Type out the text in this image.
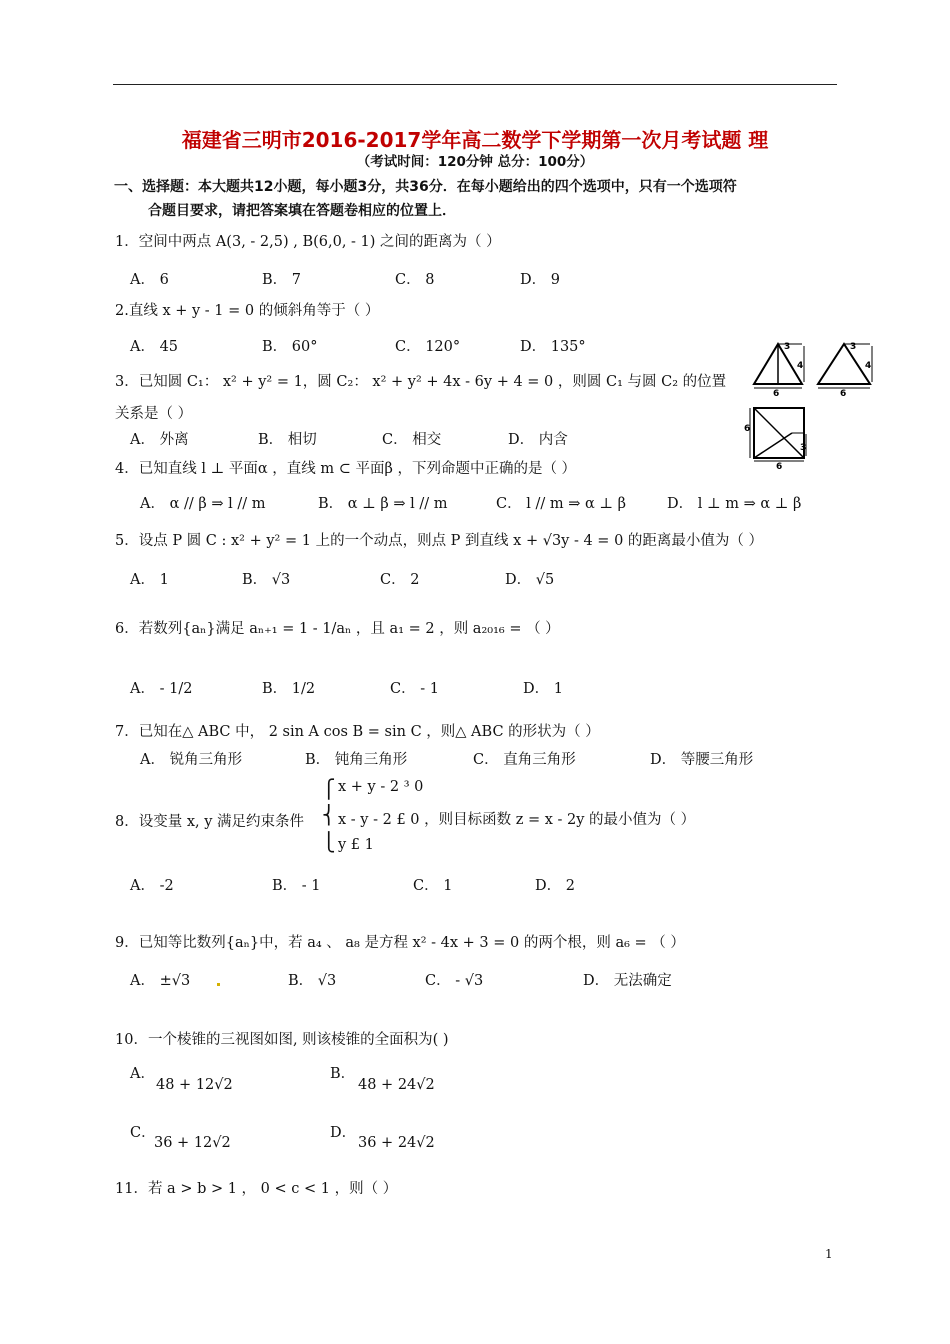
福建省三明市2016-2017学年高二数学下学期第一次月考试题 理
（考试时间：120分钟 总分：100分）
一、选择题：本大题共12小题，每小题3分，共36分．在每小题给出的四个选项中，只有一个选项符
合题目要求，请把答案填在答题卷相应的位置上．
1．空间中两点 A(3, - 2,5) , B(6,0, - 1) 之间的距离为（ ）
A． 6	B． 7	C． 8	D． 9
2.直线 x + y - 1 = 0 的倾斜角等于（ ）
A． 45	B． 60°	C． 120°	D． 135°
3．已知圆 C₁： x² + y² = 1，圆 C₂： x² + y² + 4x - 6y + 4 = 0 ，则圆 C₁ 与圆 C₂ 的位置
关系是（ ）
A． 外离	B． 相切	C． 相交	D． 内含
3
4
6
3
4
6
6
3
6
4．已知直线 l ⊥ 平面α ，直线 m ⊂ 平面β ，下列命题中正确的是（ ）
A． α // β ⇒ l // m	B． α ⊥ β ⇒ l // m	C． l // m ⇒ α ⊥ β	D． l ⊥ m ⇒ α ⊥ β
5．设点 P 圆 C : x² + y² = 1 上的一个动点，则点 P 到直线 x + √3y - 4 = 0 的距离最小值为（ ）
A． 1	B． √3	C． 2	D． √5
6．若数列{aₙ}满足 aₙ₊₁ = 1 - 1/aₙ ，且 a₁ = 2 ，则 a₂₀₁₆ = （ ）
A． - 1/2	B． 1/2	C． - 1	D． 1
7．已知在△ ABC 中， 2 sin A cos B = sin C ，则△ ABC 的形状为（ ）
A． 锐角三角形	B． 钝角三角形	C． 直角三角形	D． 等腰三角形
8．设变量 x, y 满足约束条件
⎧
⎨
⎩
x + y - 2 ³ 0
x - y - 2 £ 0 ，则目标函数 z = x - 2y 的最小值为（ ）
y £ 1
A． -2	B． - 1	C． 1	D． 2
9．已知等比数列{aₙ}中，若 a₄ 、 a₈ 是方程 x² - 4x + 3 = 0 的两个根，则 a₆ = （ ）
A． ±√3	B． √3	C． - √3	D． 无法确定
10．一个棱锥的三视图如图, 则该棱锥的全面积为( )
A．
48 + 12√2
B．
48 + 24√2
C．
36 + 12√2
D．
36 + 24√2
11．若 a > b > 1 ， 0 < c < 1 ，则（ ）
1
